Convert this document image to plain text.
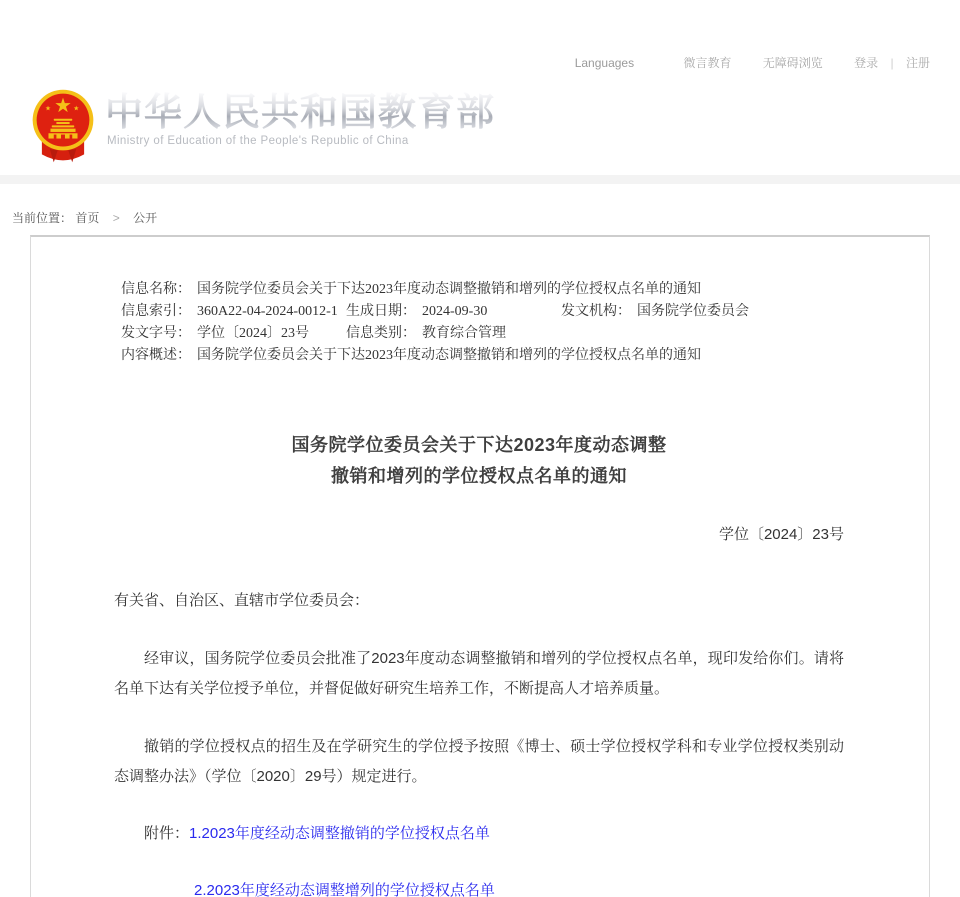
Languages	微言教育	无障碍浏览	登录 | 注册
中华人民共和国教育部
Ministry of Education of the People's Republic of China
当前位置： 首页 > 公开
信息名称： 国务院学位委员会关于下达2023年度动态调整撤销和增列的学位授权点名单的通知
信息索引： 360A22-04-2024-0012-1 生成日期： 2024-09-30	发文机构： 国务院学位委员会
发文字号： 学位〔2024〕23号	信息类别： 教育综合管理
内容概述： 国务院学位委员会关于下达2023年度动态调整撤销和增列的学位授权点名单的通知
国务院学位委员会关于下达2023年度动态调整
撤销和增列的学位授权点名单的通知
学位〔2024〕23号
有关省、自治区、直辖市学位委员会：
经审议，国务院学位委员会批准了2023年度动态调整撤销和增列的学位授权点名单，现印发给你们。请将名单下达有关学位授予单位，并督促做好研究生培养工作，不断提高人才培养质量。
撤销的学位授权点的招生及在学研究生的学位授予按照《博士、硕士学位授权学科和专业学位授权类别动态调整办法》（学位〔2020〕29号）规定进行。
附件：1.2023年度经动态调整撤销的学位授权点名单
2.2023年度经动态调整增列的学位授权点名单
